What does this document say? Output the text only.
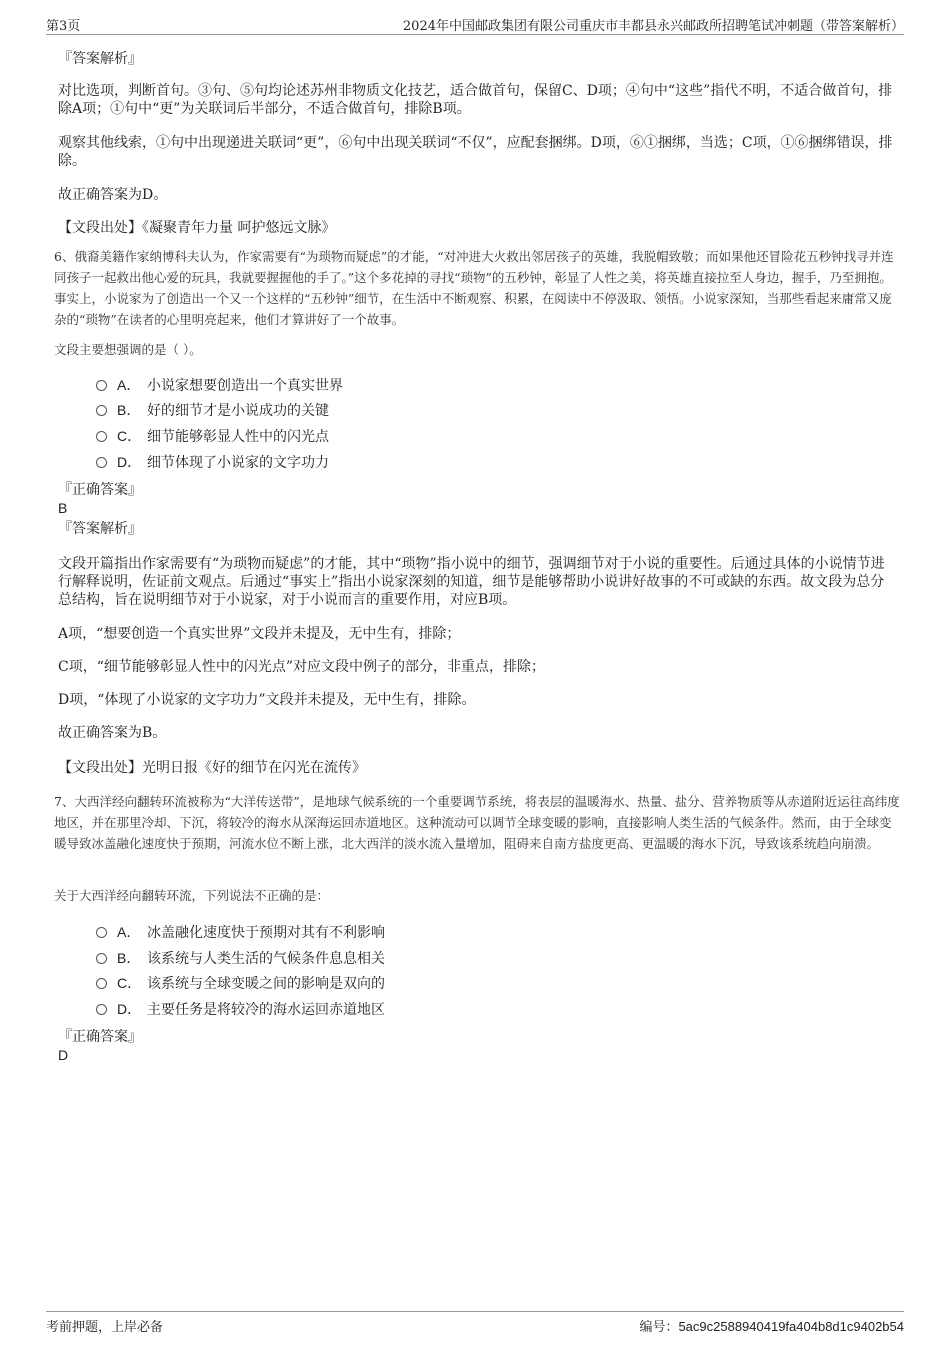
第3页	2024年中国邮政集团有限公司重庆市丰都县永兴邮政所招聘笔试冲刺题（带答案解析）
『答案解析』
对比选项，判断首句。③句、⑤句均论述苏州非物质文化技艺，适合做首句，保留C、D项；④句中“这些”指代不明，不适合做首句，排除A项；①句中“更”为关联词后半部分，不适合做首句，排除B项。
观察其他线索，①句中出现递进关联词“更”，⑥句中出现关联词“不仅”，应配套捆绑。D项，⑥①捆绑，当选；C项，①⑥捆绑错误，排除。
故正确答案为D。
【文段出处】《凝聚青年力量 呵护悠远文脉》
6、俄裔美籍作家纳博科夫认为，作家需要有“为琐物而疑虑”的才能，“对冲进大火救出邻居孩子的英雄，我脱帽致敬；而如果他还冒险花五秒钟找寻并连同孩子一起救出他心爱的玩具，我就要握握他的手了。”这个多花掉的寻找“琐物”的五秒钟，彰显了人性之美，将英雄直接拉至人身边，握手，乃至拥抱。事实上，小说家为了创造出一个又一个这样的“五秒钟”细节，在生活中不断观察、积累，在阅读中不停汲取、领悟。小说家深知，当那些看起来庸常又庞杂的“琐物”在读者的心里明亮起来，他们才算讲好了一个故事。
文段主要想强调的是（ ）。
A． 小说家想要创造出一个真实世界
B． 好的细节才是小说成功的关键
C． 细节能够彰显人性中的闪光点
D． 细节体现了小说家的文字功力
『正确答案』
B
『答案解析』
文段开篇指出作家需要有“为琐物而疑虑”的才能，其中“琐物”指小说中的细节，强调细节对于小说的重要性。后通过具体的小说情节进行解释说明，佐证前文观点。后通过“事实上”指出小说家深刻的知道，细节是能够帮助小说讲好故事的不可或缺的东西。故文段为总分总结构，旨在说明细节对于小说家，对于小说而言的重要作用，对应B项。
A项，“想要创造一个真实世界”文段并未提及，无中生有，排除；
C项，“细节能够彰显人性中的闪光点”对应文段中例子的部分，非重点，排除；
D项，“体现了小说家的文字功力”文段并未提及，无中生有，排除。
故正确答案为B。
【文段出处】光明日报《好的细节在闪光在流传》
7、大西洋经向翻转环流被称为“大洋传送带”，是地球气候系统的一个重要调节系统，将表层的温暖海水、热量、盐分、营养物质等从赤道附近运往高纬度地区，并在那里冷却、下沉，将较冷的海水从深海运回赤道地区。这种流动可以调节全球变暖的影响，直接影响人类生活的气候条件。然而，由于全球变暖导致冰盖融化速度快于预期，河流水位不断上涨，北大西洋的淡水流入量增加，阻碍来自南方盐度更高、更温暖的海水下沉，导致该系统趋向崩溃。
关于大西洋经向翻转环流，下列说法不正确的是：
A． 冰盖融化速度快于预期对其有不利影响
B． 该系统与人类生活的气候条件息息相关
C． 该系统与全球变暖之间的影响是双向的
D． 主要任务是将较冷的海水运回赤道地区
『正确答案』
D
考前押题，上岸必备	编号：5ac9c2588940419fa404b8d1c9402b54
